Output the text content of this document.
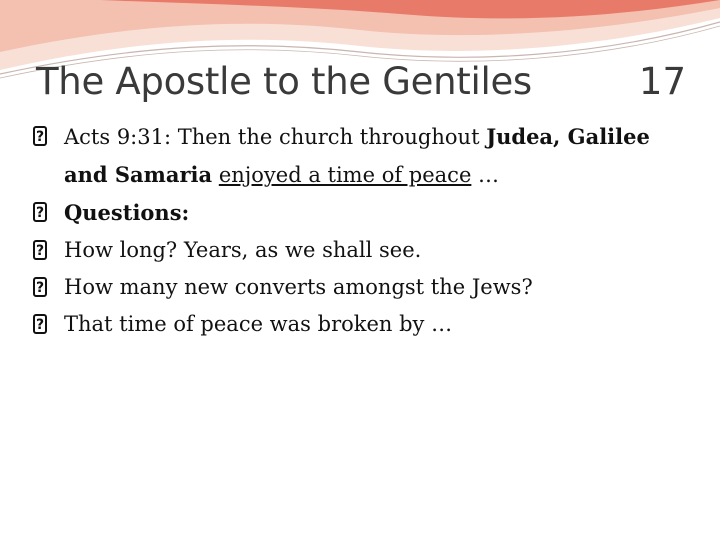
The Apostle to the Gentiles	17
?
Acts 9:31: Then the church throughout Judea, Galilee
and Samaria enjoyed a time of peace …
?
Questions:
?
How long? Years, as we shall see.
?
How many new converts amongst the Jews?
?
That time of peace was broken by …
